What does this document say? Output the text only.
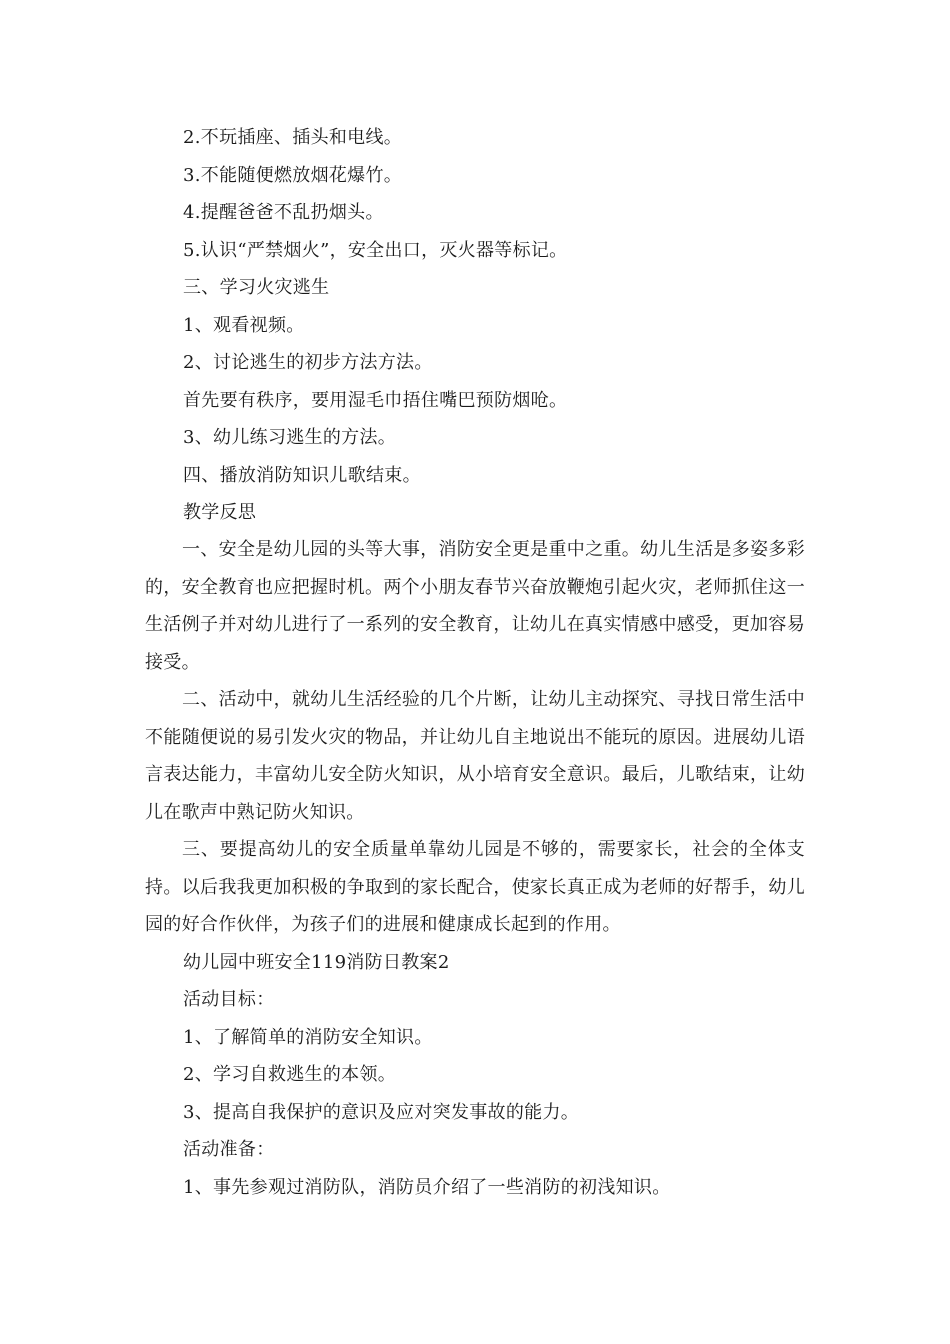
2.不玩插座、插头和电线。
3.不能随便燃放烟花爆竹。
4.提醒爸爸不乱扔烟头。
5.认识“严禁烟火”，安全出口，灭火器等标记。
三、学习火灾逃生
1、观看视频。
2、讨论逃生的初步方法方法。
首先要有秩序，要用湿毛巾捂住嘴巴预防烟呛。
3、幼儿练习逃生的方法。
四、播放消防知识儿歌结束。
教学反思
一、安全是幼儿园的头等大事，消防安全更是重中之重。幼儿生活是多姿多彩的，安全教育也应把握时机。两个小朋友春节兴奋放鞭炮引起火灾，老师抓住这一生活例子并对幼儿进行了一系列的安全教育，让幼儿在真实情感中感受，更加容易接受。
二、活动中，就幼儿生活经验的几个片断，让幼儿主动探究、寻找日常生活中不能随便说的易引发火灾的物品，并让幼儿自主地说出不能玩的原因。进展幼儿语言表达能力，丰富幼儿安全防火知识，从小培育安全意识。最后，儿歌结束，让幼儿在歌声中熟记防火知识。
三、要提高幼儿的安全质量单靠幼儿园是不够的，需要家长，社会的全体支持。以后我我更加积极的争取到的家长配合，使家长真正成为老师的好帮手，幼儿园的好合作伙伴，为孩子们的进展和健康成长起到的作用。
幼儿园中班安全119消防日教案2
活动目标：
1、了解简单的消防安全知识。
2、学习自救逃生的本领。
3、提高自我保护的意识及应对突发事故的能力。
活动准备：
1、事先参观过消防队，消防员介绍了一些消防的初浅知识。
